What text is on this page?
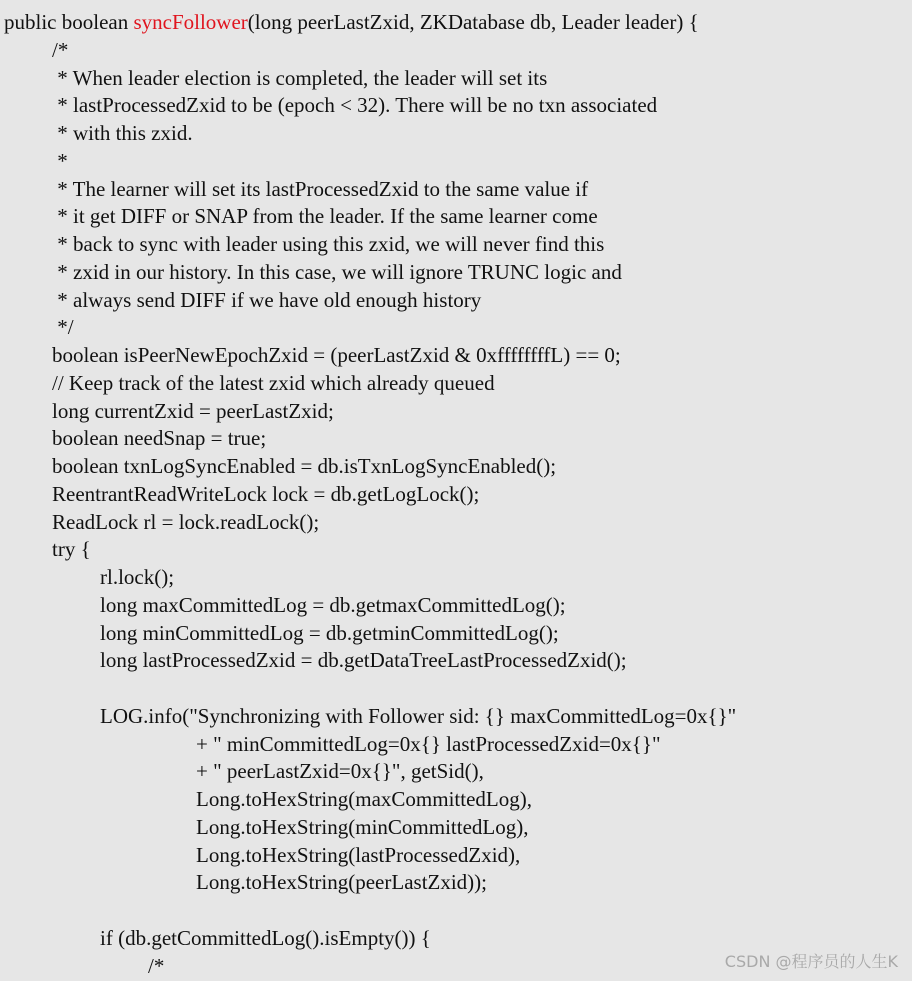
public boolean syncFollower(long peerLastZxid, ZKDatabase db, Leader leader) {
/*
* When leader election is completed, the leader will set its
* lastProcessedZxid to be (epoch < 32). There will be no txn associated
* with this zxid.
*
* The learner will set its lastProcessedZxid to the same value if
* it get DIFF or SNAP from the leader. If the same learner come
* back to sync with leader using this zxid, we will never find this
* zxid in our history. In this case, we will ignore TRUNC logic and
* always send DIFF if we have old enough history
*/
boolean isPeerNewEpochZxid = (peerLastZxid & 0xffffffffL) == 0;
// Keep track of the latest zxid which already queued
long currentZxid = peerLastZxid;
boolean needSnap = true;
boolean txnLogSyncEnabled = db.isTxnLogSyncEnabled();
ReentrantReadWriteLock lock = db.getLogLock();
ReadLock rl = lock.readLock();
try {
rl.lock();
long maxCommittedLog = db.getmaxCommittedLog();
long minCommittedLog = db.getminCommittedLog();
long lastProcessedZxid = db.getDataTreeLastProcessedZxid();
LOG.info("Synchronizing with Follower sid: {} maxCommittedLog=0x{}"
+ " minCommittedLog=0x{} lastProcessedZxid=0x{}"
+ " peerLastZxid=0x{}", getSid(),
Long.toHexString(maxCommittedLog),
Long.toHexString(minCommittedLog),
Long.toHexString(lastProcessedZxid),
Long.toHexString(peerLastZxid));
if (db.getCommittedLog().isEmpty()) {
/*	CSDN @程序员的人生K
